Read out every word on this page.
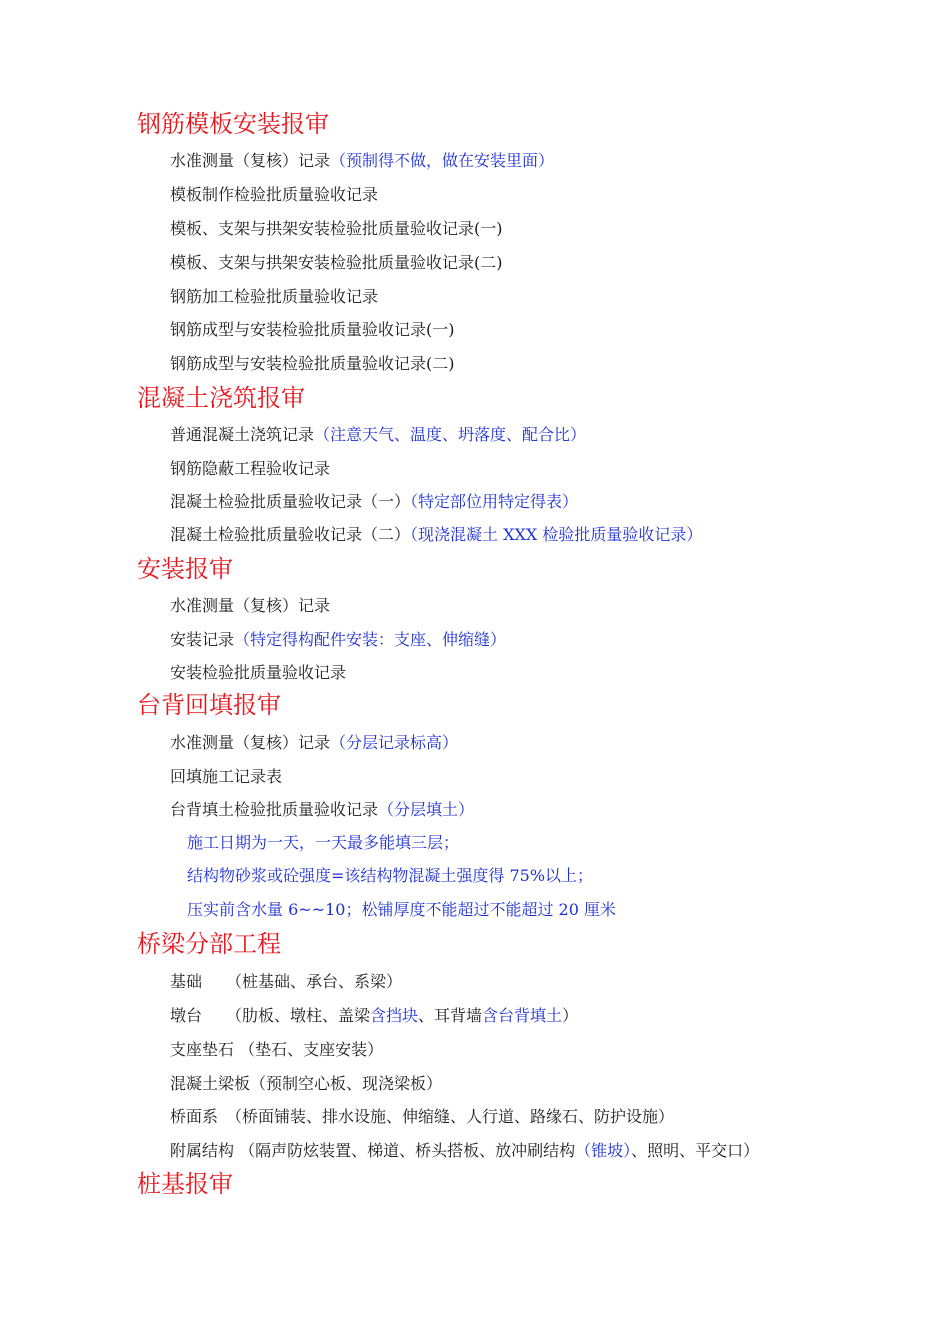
钢筋模板安装报审
水准测量（复核）记录（预制得不做，做在安装里面）
模板制作检验批质量验收记录
模板、支架与拱架安装检验批质量验收记录(一)
模板、支架与拱架安装检验批质量验收记录(二)
钢筋加工检验批质量验收记录
钢筋成型与安装检验批质量验收记录(一)
钢筋成型与安装检验批质量验收记录(二)
混凝土浇筑报审
普通混凝土浇筑记录（注意天气、温度、坍落度、配合比）
钢筋隐蔽工程验收记录
混凝土检验批质量验收记录（一）（特定部位用特定得表）
混凝土检验批质量验收记录（二）（现浇混凝土 XXX 检验批质量验收记录）
安装报审
水准测量（复核）记录
安装记录（特定得构配件安装：支座、伸缩缝）
安装检验批质量验收记录
台背回填报审
水准测量（复核）记录（分层记录标高）
回填施工记录表
台背填土检验批质量验收记录（分层填土）
施工日期为一天，一天最多能填三层；
结构物砂浆或砼强度=该结构物混凝土强度得 75%以上；
压实前含水量 6~~10；松铺厚度不能超过不能超过 20 厘米
桥梁分部工程
基础　　（桩基础、承台、系梁）
墩台　　（肋板、墩柱、盖梁含挡块、耳背墙含台背填土）
支座垫石 （垫石、支座安装）
混凝土梁板（预制空心板、现浇梁板）
桥面系　（桥面铺装、排水设施、伸缩缝、人行道、路缘石、防护设施）
附属结构 （隔声防炫装置、梯道、桥头搭板、放冲刷结构（锥坡）、照明、平交口）
桩基报审
